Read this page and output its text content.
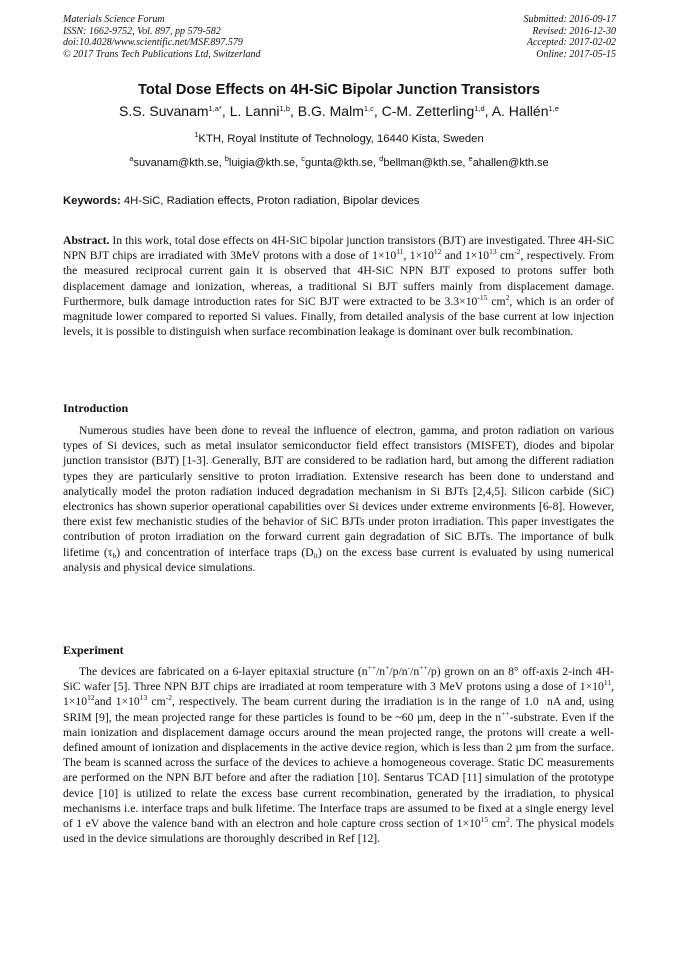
Materials Science Forum
ISSN: 1662-9752, Vol. 897, pp 579-582
doi:10.4028/www.scientific.net/MSF.897.579
© 2017 Trans Tech Publications Ltd, Switzerland
Submitted: 2016-09-17
Revised: 2016-12-30
Accepted: 2017-02-02
Online: 2017-05-15
Total Dose Effects on 4H-SiC Bipolar Junction Transistors
S.S. Suvanam$^{1,a*}$, L. Lanni$^{1,b}$, B.G. Malm$^{1,c}$, C-M. Zetterling$^{1,d}$, A. Hallén$^{1,e}$
$^1$KTH, Royal Institute of Technology, 16440 Kista, Sweden
$^a$suvanam@kth.se, $^b$luigia@kth.se, $^c$gunta@kth.se, $^d$bellman@kth.se, $^e$ahallen@kth.se
Keywords: 4H-SiC, Radiation effects, Proton radiation, Bipolar devices
Abstract. In this work, total dose effects on 4H-SiC bipolar junction transistors (BJT) are investigated. Three 4H-SiC NPN BJT chips are irradiated with 3MeV protons with a dose of $1\times 10^{11}$, $1\times 10^{12}$ and $1\times 10^{13}$ $cm^{-2}$, respectively. From the measured reciprocal current gain it is observed that 4H-SiC NPN BJT exposed to protons suffer both displacement damage and ionization, whereas, a traditional Si BJT suffers mainly from displacement damage. Furthermore, bulk damage introduction rates for SiC BJT were extracted to be $3.3\times 10^{-15}$ $cm^2$, which is an order of magnitude lower compared to reported Si values. Finally, from detailed analysis of the base current at low injection levels, it is possible to distinguish when surface recombination leakage is dominant over bulk recombination.
Introduction
Numerous studies have been done to reveal the influence of electron, gamma, and proton radiation on various types of Si devices, such as metal insulator semiconductor field effect transistors (MISFET), diodes and bipolar junction transistor (BJT) [1-3]. Generally, BJT are considered to be radiation hard, but among the different radiation types they are particularly sensitive to proton irradiation. Extensive research has been done to understand and analytically model the proton radiation induced degradation mechanism in Si BJTs [2,4,5]. Silicon carbide (SiC) electronics has shown superior operational capabilities over Si devices under extreme environments [6-8]. However, there exist few mechanistic studies of the behavior of SiC BJTs under proton irradiation. This paper investigates the contribution of proton irradiation on the forward current gain degradation of SiC BJTs. The importance of bulk lifetime $(\tau_b)$ and concentration of interface traps $(D_{it})$ on the excess base current is evaluated by using numerical analysis and physical device simulations.
Experiment
The devices are fabricated on a 6-layer epitaxial structure (n++/n+/p/n-/n++/p) grown on an 8° off-axis 2-inch 4H-SiC wafer [5]. Three NPN BJT chips are irradiated at room temperature with 3 MeV protons using a dose of $1\times 10^{11}$, $1\times 10^{12}and$ $1\times 10^{13}$ $cm^{-2}$, respectively. The beam current during the irradiation is in the range of 1.0  nA and, using SRIM [9], the mean projected range for these particles is found to be ~60 µm, deep in the n++-substrate. Even if the main ionization and displacement damage occurs around the mean projected range, the protons will create a well-defined amount of ionization and displacements in the active device region, which is less than 2 µm from the surface. The beam is scanned across the surface of the devices to achieve a homogeneous coverage. Static DC measurements are performed on the NPN BJT before and after the radiation [10]. Sentarus TCAD [11] simulation of the prototype device [10] is utilized to relate the excess base current recombination, generated by the irradiation, to physical mechanisms i.e. interface traps and bulk lifetime. The Interface traps are assumed to be fixed at a single energy level of 1 eV above the valence band with an electron and hole capture cross section of $1\times 10^{15}$ $cm^2$. The physical models used in the device simulations are thoroughly described in Ref [12].
